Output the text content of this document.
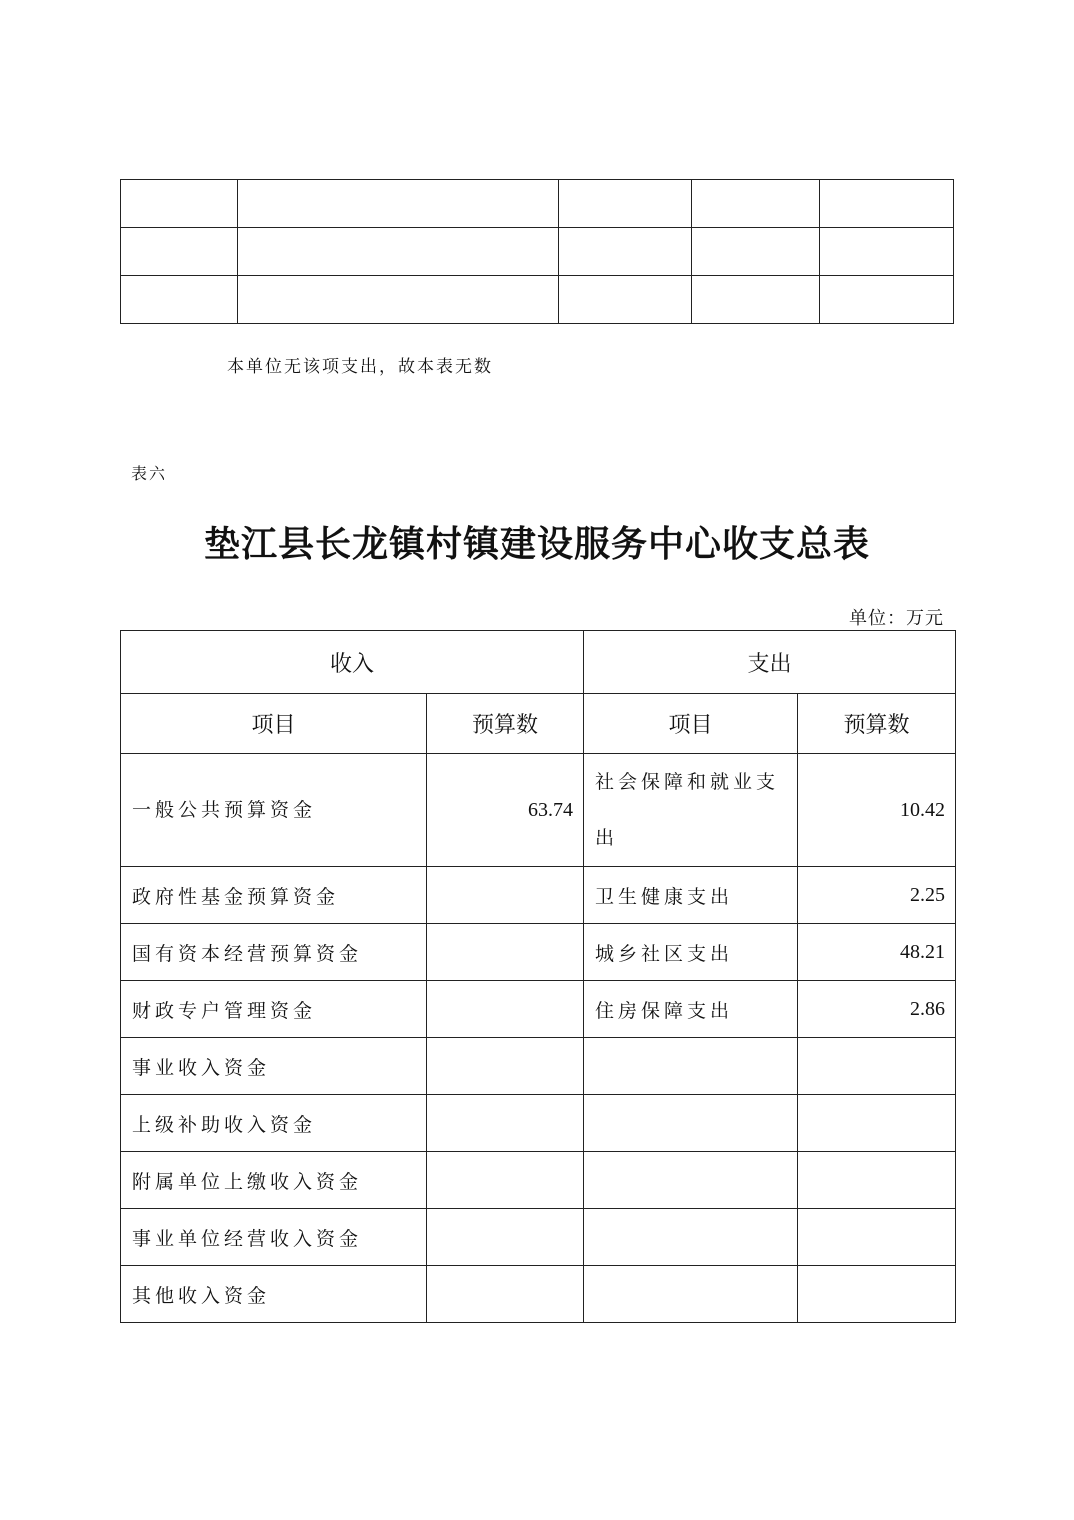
本单位无该项支出，故本表无数
表六
垫江县长龙镇村镇建设服务中心收支总表
单位：万元
收入		支出	
项目	预算数	项目	预算数
一般公共预算资金	63.74	社会保障和就业支出	10.42
政府性基金预算资金		卫生健康支出	2.25
国有资本经营预算资金		城乡社区支出	48.21
财政专户管理资金		住房保障支出	2.86
事业收入资金			
上级补助收入资金			
附属单位上缴收入资金			
事业单位经营收入资金			
其他收入资金			
